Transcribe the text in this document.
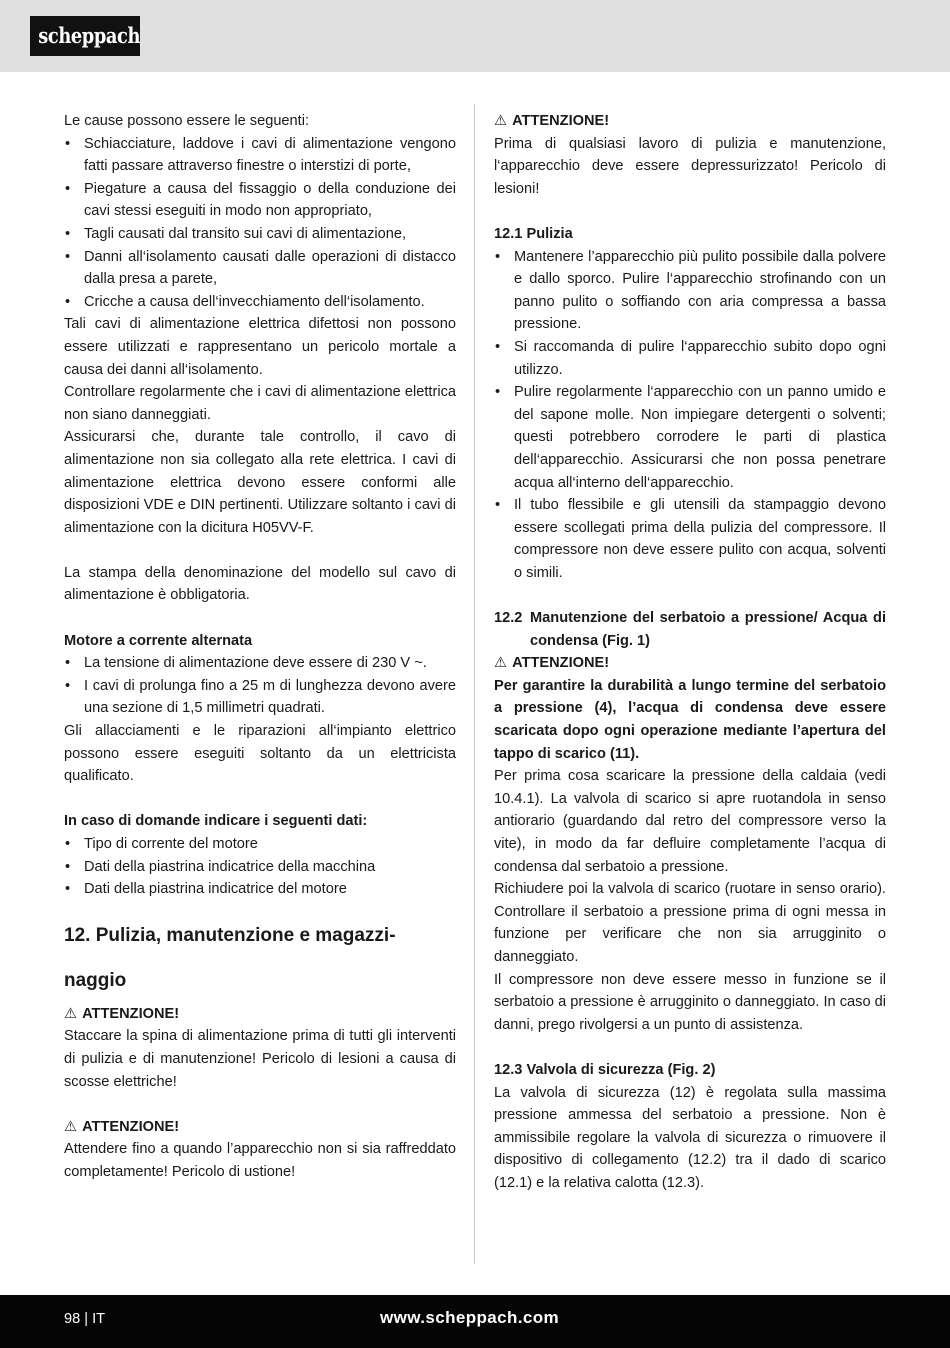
scheppach

Le cause possono essere le seguenti:

• Schiacciature, laddove i cavi di alimentazione vengono fatti passare attraverso finestre o interstizi di porte,
• Piegature a causa del fissaggio o della conduzione dei cavi stessi eseguiti in modo non appropriato,
• Tagli causati dal transito sui cavi di alimentazione,
• Danni all‘isolamento causati dalle operazioni di distacco dalla presa a parete,
• Cricche a causa dell‘invecchiamento dell‘isolamento.

Tali cavi di alimentazione elettrica difettosi non possono essere utilizzati e rappresentano un pericolo mortale a causa dei danni all‘isolamento.

Controllare regolarmente che i cavi di alimentazione elettrica non siano danneggiati.

Assicurarsi che, durante tale controllo, il cavo di alimentazione non sia collegato alla rete elettrica. I cavi di alimentazione elettrica devono essere conformi alle disposizioni VDE e DIN pertinenti. Utilizzare soltanto i cavi di alimentazione con la dicitura H05VV-F.

La stampa della denominazione del modello sul cavo di alimentazione è obbligatoria.

Motore a corrente alternata

• La tensione di alimentazione deve essere di 230 V ~.
• I cavi di prolunga fino a 25 m di lunghezza devono avere una sezione di 1,5 millimetri quadrati.

Gli allacciamenti e le riparazioni all‘impianto elettrico possono essere eseguiti soltanto da un elettricista qualificato.

In caso di domande indicare i seguenti dati:

• Tipo di corrente del motore
• Dati della piastrina indicatrice della macchina
• Dati della piastrina indicatrice del motore
12. Pulizia, manutenzione e magazzi-
naggio

⚠ ATTENZIONE!

Staccare la spina di alimentazione prima di tutti gli interventi di pulizia e di manutenzione! Pericolo di lesioni a causa di scosse elettriche!

⚠ ATTENZIONE!

Attendere fino a quando l’apparecchio non si sia raffreddato completamente! Pericolo di ustione!

⚠ ATTENZIONE!

Prima di qualsiasi lavoro di pulizia e manutenzione, l‘apparecchio deve essere depressurizzato! Pericolo di lesioni!

12.1 Pulizia

• Mantenere l’apparecchio più pulito possibile dalla polvere e dallo sporco. Pulire l‘apparecchio strofinando con un panno pulito o soffiando con aria compressa a bassa pressione.
• Si raccomanda di pulire l‘apparecchio subito dopo ogni utilizzo.
• Pulire regolarmente l‘apparecchio con un panno umido e del sapone molle. Non impiegare detergenti o solventi; questi potrebbero corrodere le parti di plastica dell‘apparecchio. Assicurarsi che non possa penetrare acqua all‘interno dell‘apparecchio.
• Il tubo flessibile e gli utensili da stampaggio devono essere scollegati prima della pulizia del compressore. Il compressore non deve essere pulito con acqua, solventi o simili.
12.2 Manutenzione del serbatoio a pressione/ Acqua di condensa (Fig. 1)

⚠ ATTENZIONE!

Per garantire la durabilità a lungo termine del serbatoio a pressione (4), l’acqua di condensa deve essere scaricata dopo ogni operazione mediante l’apertura del tappo di scarico (11).

Per prima cosa scaricare la pressione della caldaia (vedi 10.4.1). La valvola di scarico si apre ruotandola in senso antiorario (guardando dal retro del compressore verso la vite), in modo da far defluire completamente l’acqua di condensa dal serbatoio a pressione.

Richiudere poi la valvola di scarico (ruotare in senso orario). Controllare il serbatoio a pressione prima di ogni messa in funzione per verificare che non sia arrugginito o danneggiato.

Il compressore non deve essere messo in funzione se il serbatoio a pressione è arrugginito o danneggiato. In caso di danni, prego rivolgersi a un punto di assistenza.

12.3 Valvola di sicurezza (Fig. 2)

La valvola di sicurezza (12) è regolata sulla massima pressione ammessa del serbatoio a pressione. Non è ammissibile regolare la valvola di sicurezza o rimuovere il dispositivo di collegamento (12.2) tra il dado di scarico (12.1) e la relativa calotta (12.3).

98 | IT	www.scheppach.com
